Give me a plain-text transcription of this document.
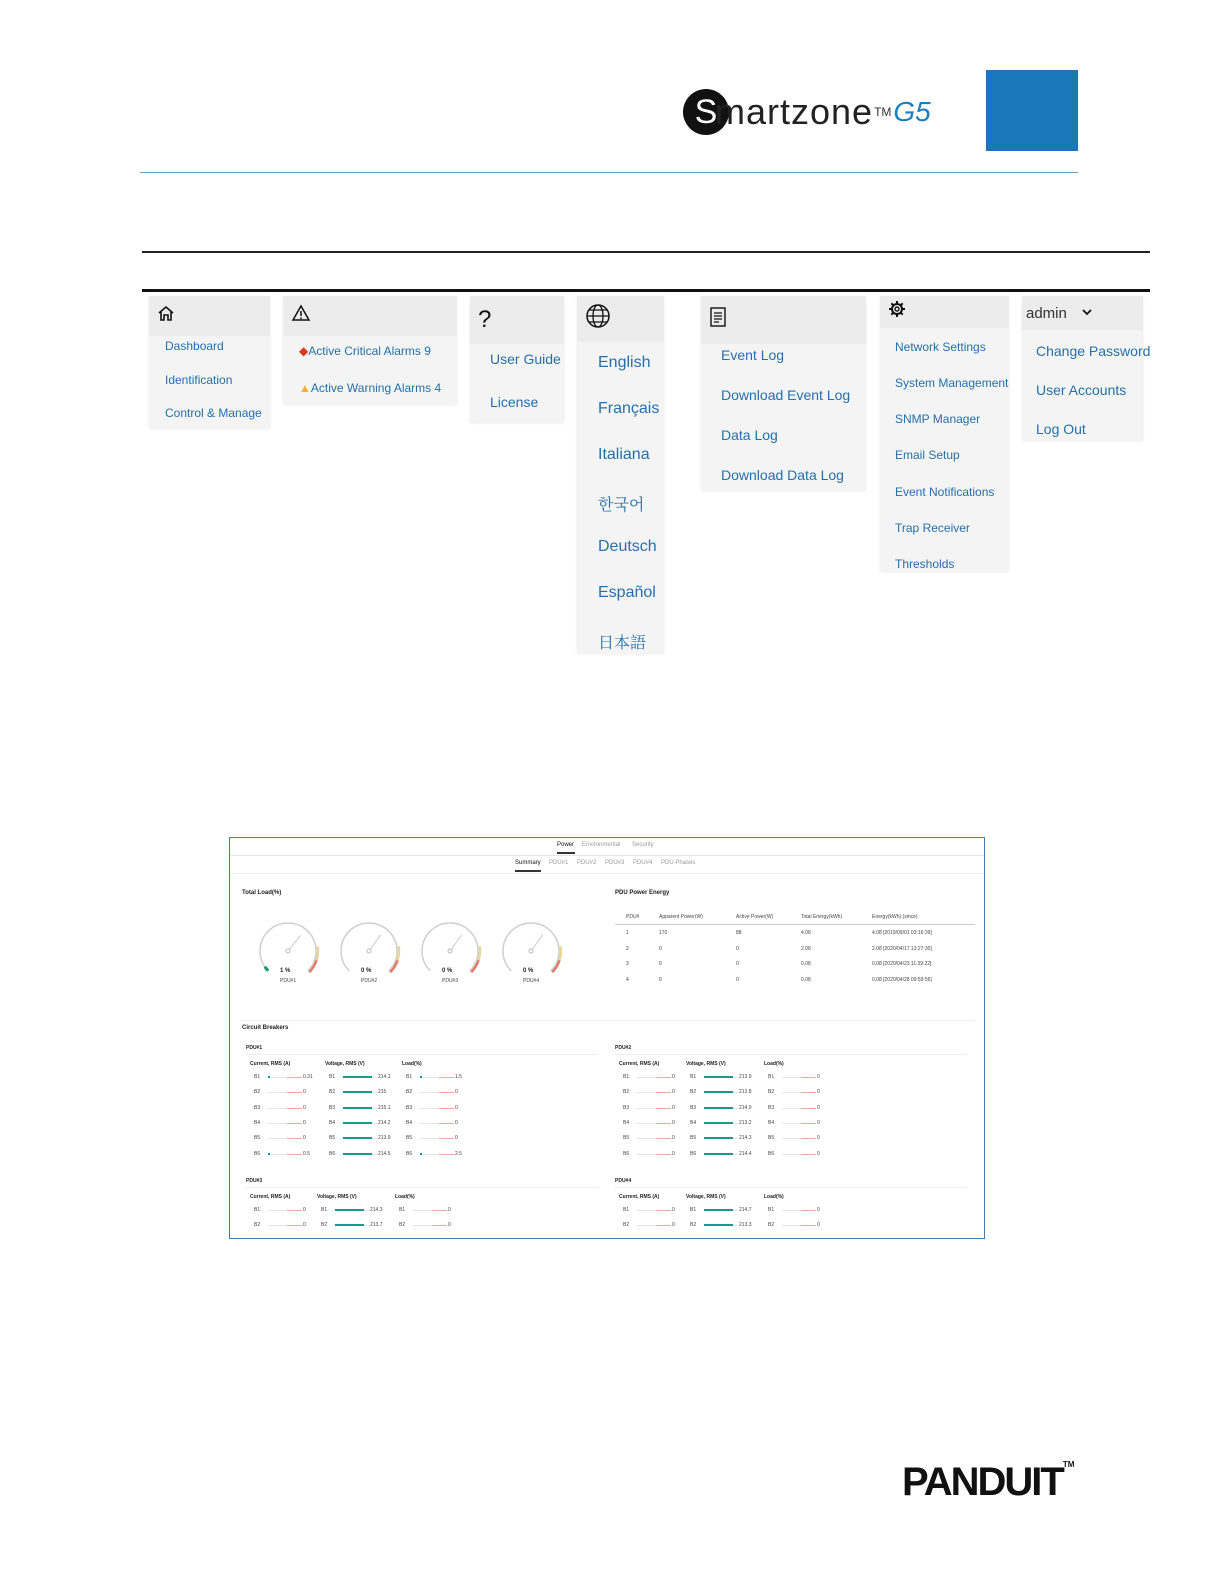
S
martzone TM G5
Dashboard
Identification
Control & Manage
◆Active Critical Alarms 9
▲Active Warning Alarms 4
?
User Guide
License
English
Français
Italiana
한국어
Deutsch
Español
日本語
Event Log
Download Event Log
Data Log
Download Data Log
Network Settings
System Management
SNMP Manager
Email Setup
Event Notifications
Trap Receiver
Thresholds
admin
Change Password
User Accounts
Log Out
Power Environmental Security
Summary PDU#1 PDU#2 PDU#3 PDU#4 PDU Phases
Total Load(%)	PDU Power Energy
Circuit Breakers
1 %
PDU#1
0 %
PDU#2
0 %
PDU#3
0 %
PDU#4
PDU#	Apparent Power(W)	Active Power(W)	Total Energy(kWh)	Energy(kWh) (since)
1	170	88	4.08	4.08 [2019/09/01 03:16:39]
2	0	0	2.08	2.08 [2020/04/17 13:27:30]
3	0	0	0.08	0.08 [2020/04/23 11:39:22]
4	0	0	0.08	0.08 [2020/04/28 09:59:56]
PDU#1
Current, RMS (A)	Voltage, RMS (V)	Load(%)
B1	0.31	B1	214.1	B1	1.5
B2	0	B2	215	B2	0
B3	0	B3	215.1	B3	0
B4	0	B4	214.2	B4	0
B5	0	B5	213.9	B5	0
B6	0.5	B6	214.5	B6	2.5
PDU#2
Current, RMS (A)	Voltage, RMS (V)	Load(%)
B1	0	B1	213.9	B1	0
B2	0	B2	213.8	B2	0
B3	0	B3	214.9	B3	0
B4	0	B4	213.2	B4	0
B5	0	B5	214.3	B5	0
B6	0	B6	214.4	B6	0
PDU#3
Current, RMS (A)	Voltage, RMS (V)	Load(%)
B1	0	B1	214.3	B1	0
B2	0	B2	213.7	B2	0
PDU#4
Current, RMS (A)	Voltage, RMS (V)	Load(%)
B1	0	B1	214.7	B1	0
B2	0	B2	213.3	B2	0
PANDUIT™
